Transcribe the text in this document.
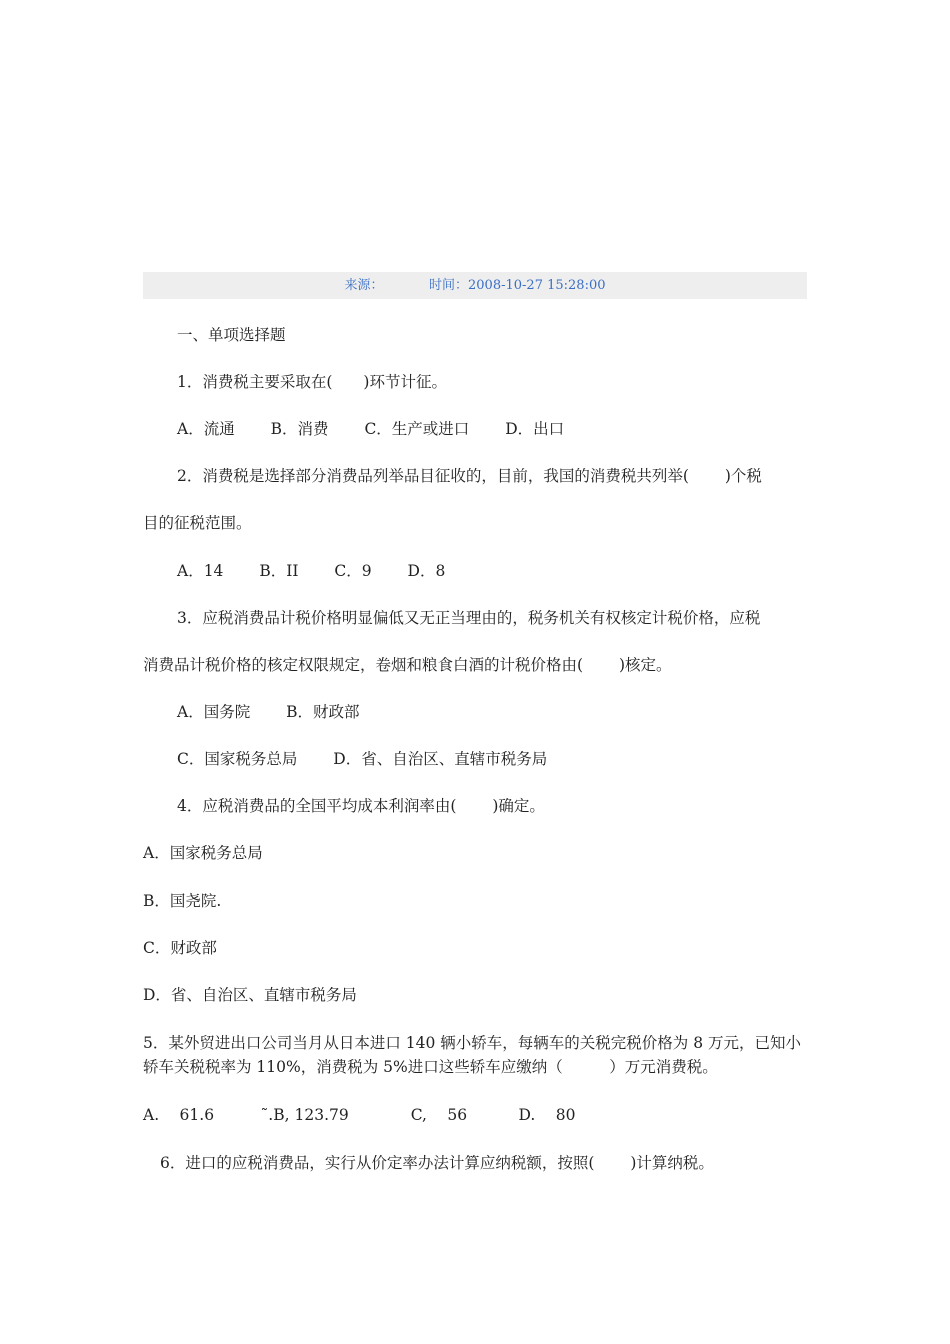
来源：　　　　	时间：2008-10-27 15:28:00
一、单项选择题
1．消费税主要采取在(　　)环节计征。
A．流通　　 B．消费　　 C．生产或进口　　 D．出口
2．消费税是选择部分消费品列举品目征收的，目前，我国的消费税共列举(　　 )个税
目的征税范围。
A．14　　 B．II　　 C．9　　 D．8
3．应税消费品计税价格明显偏低又无正当理由的，税务机关有权核定计税价格，应税
消费品计税价格的核定权限规定，卷烟和粮食白酒的计税价格由(　　 )核定。
A．国务院　　 B．财政部
C．国家税务总局　　 D．省、自治区、直辖市税务局
4．应税消费品的全国平均成本利润率由(　　 )确定。
A．国家税务总局
B．国尧院.
C．财政部
D．省、自治区、直辖市税务局
5．某外贸进出口公司当月从日本进口 140 辆小轿车，每辆车的关税完税价格为 8 万元，已知小轿车关税税率为 110%，消费税为 5%进口这些轿车应缴纳（　　　）万元消费税。
A.　 61.6　　　˜.B, 123.79　　　　C,　 56　　　 D.　 80
6．进口的应税消费品，实行从价定率办法计算应纳税额，按照(　　 )计算纳税。
